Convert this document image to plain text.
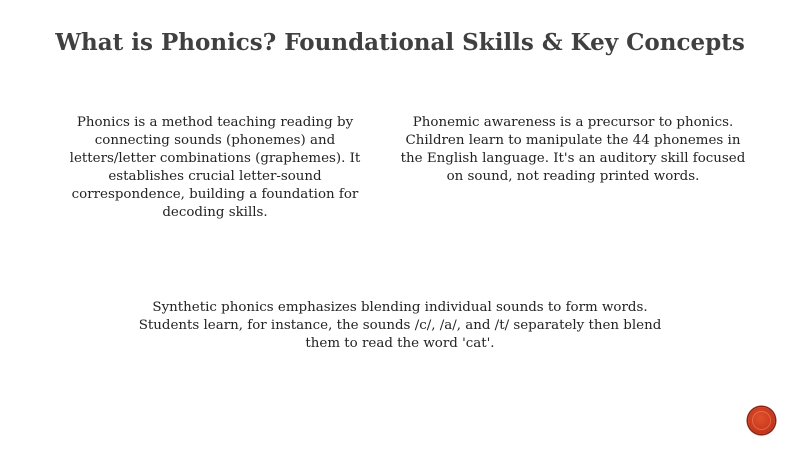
What is Phonics? Foundational Skills & Key Concepts
Phonics is a method teaching reading by connecting sounds (phonemes) and letters/letter combinations (graphemes). It establishes crucial letter-sound correspondence, building a foundation for decoding skills.
Phonemic awareness is a precursor to phonics. Children learn to manipulate the 44 phonemes in the English language. It's an auditory skill focused on sound, not reading printed words.
Synthetic phonics emphasizes blending individual sounds to form words. Students learn, for instance, the sounds /c/, /a/, and /t/ separately then blend them to read the word 'cat'.
